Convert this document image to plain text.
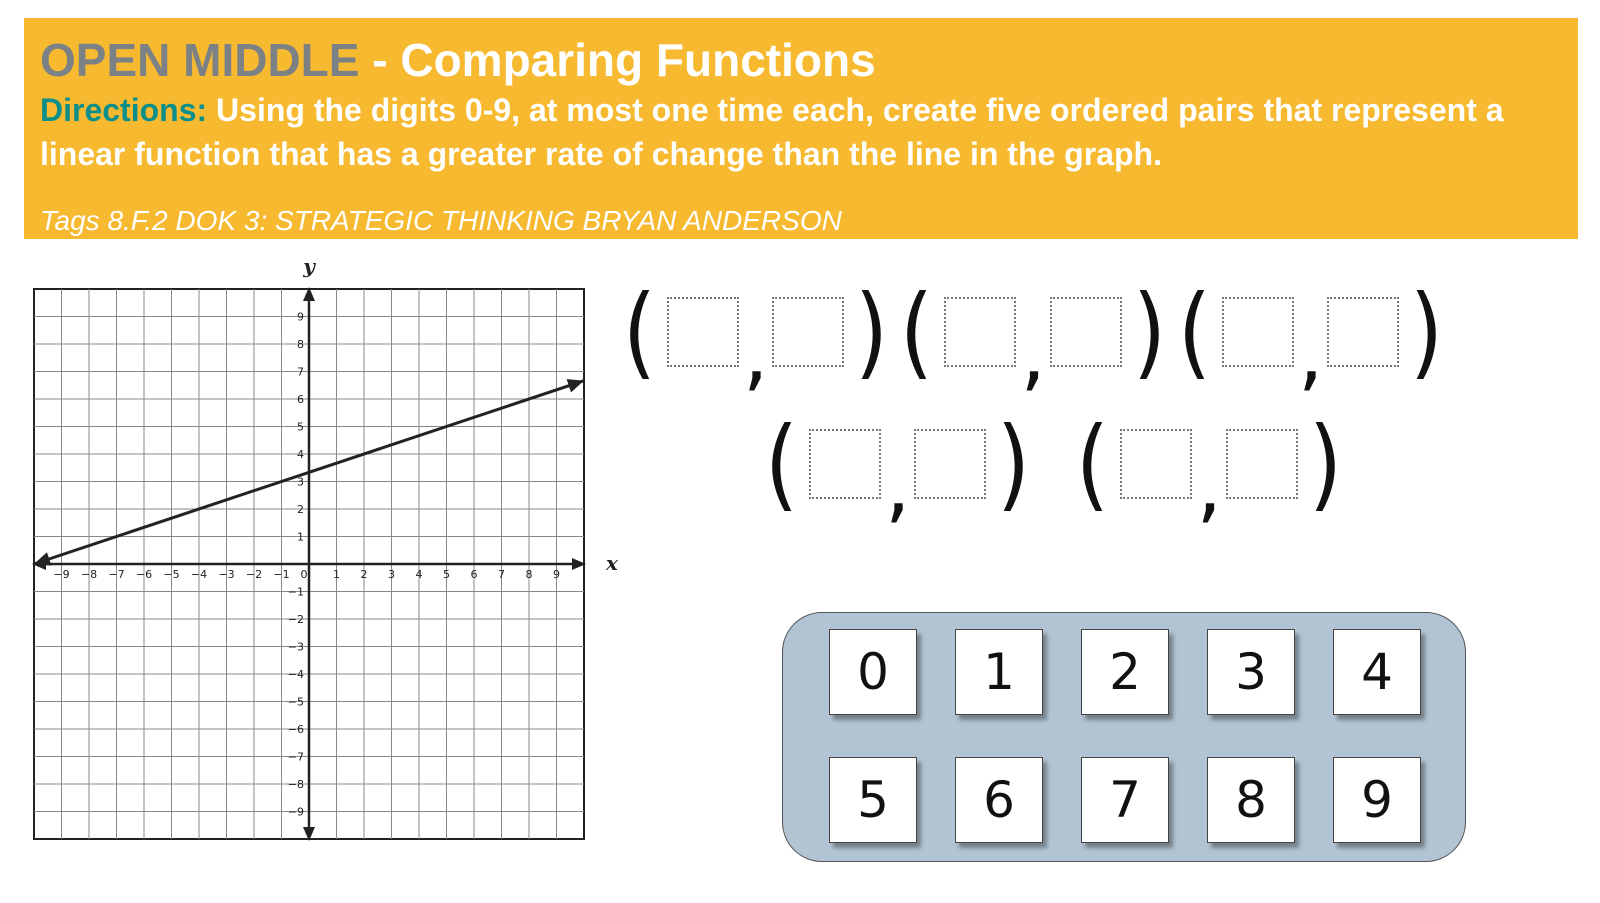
OPEN MIDDLE - Comparing Functions
Directions: Using the digits 0-9, at most one time each, create five ordered pairs that represent a linear function that has a greater rate of change than the line in the graph.
Tags 8.F.2 DOK 3: STRATEGIC THINKING BRYAN ANDERSON
−9 −8 −7 −6 −5 −4 −3 −2 −1 0 1 2 3 4 5 6 7 8 9
9
8
7
6
5
4
3
2
1
−1
−2
−3
−4
−5
−6
−7
−8
−9
x
y
( , ) ( , ) ( , )
( , ) ( , )
0	1	2	3	4
5	6	7	8	9
